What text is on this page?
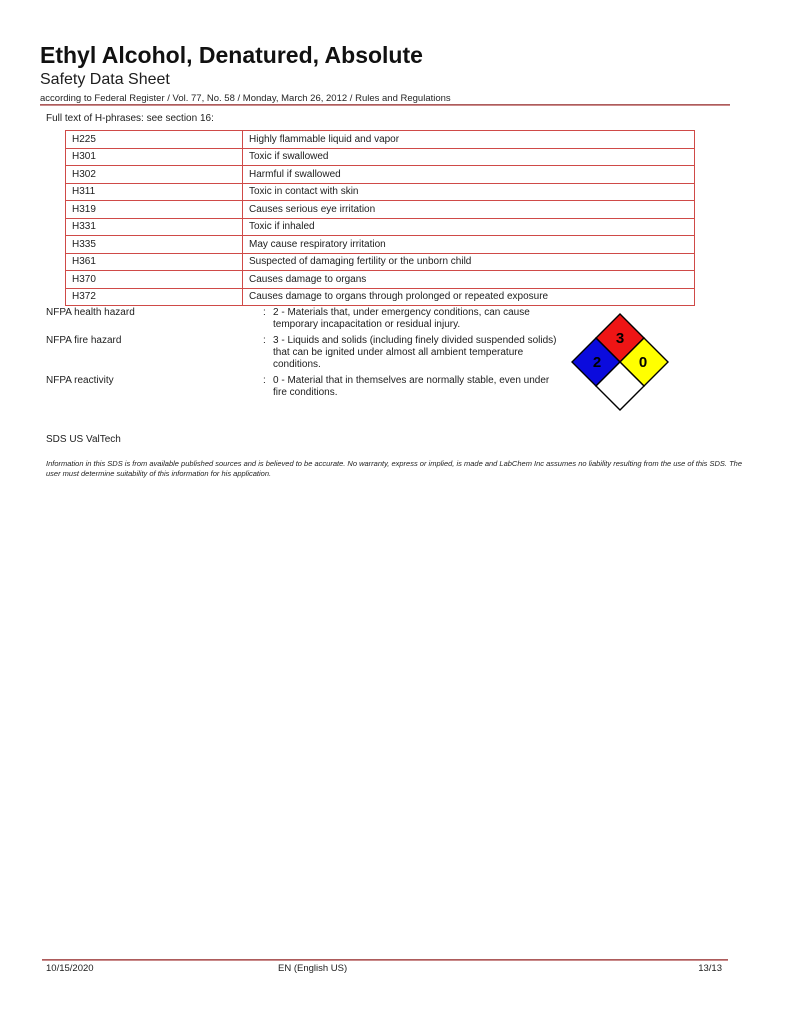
Ethyl Alcohol, Denatured, Absolute
Safety Data Sheet
according to Federal Register / Vol. 77, No. 58 / Monday, March 26, 2012 / Rules and Regulations
Full text of H-phrases: see section 16:
H225	Highly flammable liquid and vapor
H301	Toxic if swallowed
H302	Harmful if swallowed
H311	Toxic in contact with skin
H319	Causes serious eye irritation
H331	Toxic if inhaled
H335	May cause respiratory irritation
H361	Suspected of damaging fertility or the unborn child
H370	Causes damage to organs
H372	Causes damage to organs through prolonged or repeated exposure
NFPA health hazard	: 2 - Materials that, under emergency conditions, can cause temporary incapacitation or residual injury.
NFPA fire hazard	: 3 - Liquids and solids (including finely divided suspended solids) that can be ignited under almost all ambient temperature conditions.
NFPA reactivity	: 0 - Material that in themselves are normally stable, even under fire conditions.
3
2	0
SDS US ValTech
Information in this SDS is from available published sources and is believed to be accurate. No warranty, express or implied, is made and LabChem Inc assumes no liability resulting from the use of this SDS. The user must determine suitability of this information for his application.
10/15/2020	EN (English US)	13/13
